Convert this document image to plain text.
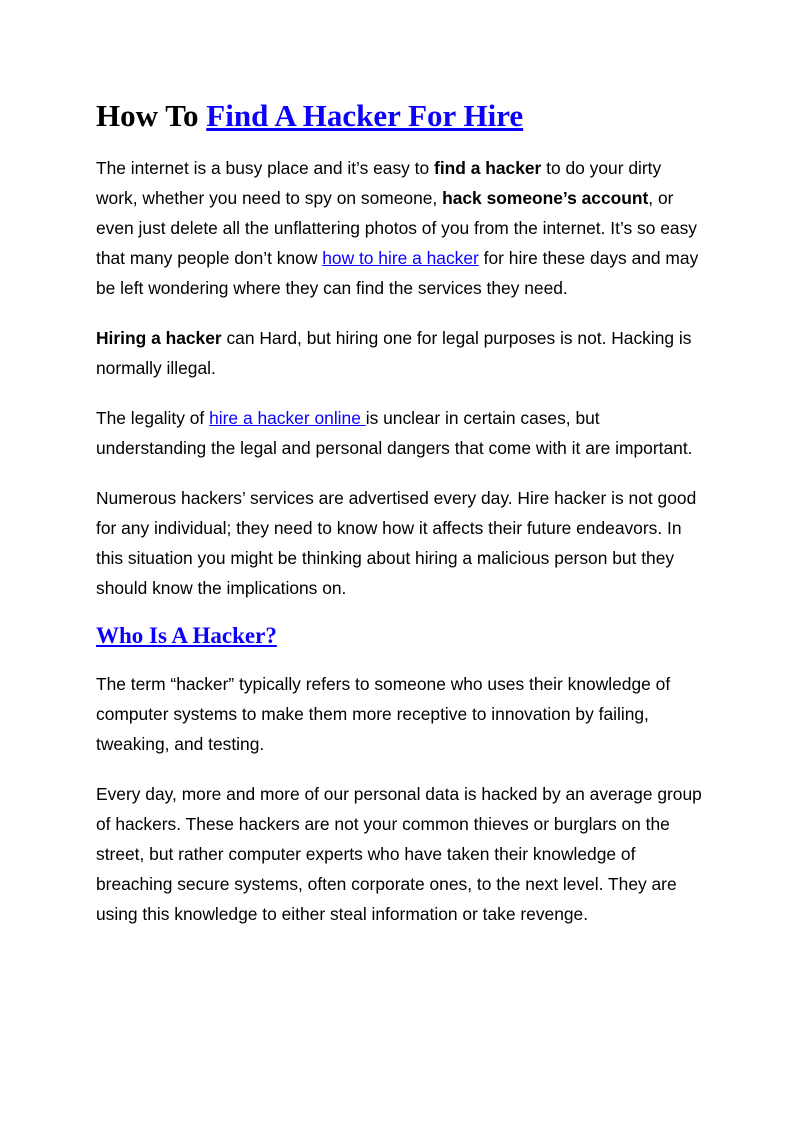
How To Find A Hacker For Hire

The internet is a busy place and it’s easy to find a hacker to do your dirty work, whether you need to spy on someone, hack someone’s account, or even just delete all the unflattering photos of you from the internet. It’s so easy that many people don’t know how to hire a hacker for hire these days and may be left wondering where they can find the services they need.

Hiring a hacker can Hard, but hiring one for legal purposes is not. Hacking is normally illegal.

The legality of hire a hacker online is unclear in certain cases, but understanding the legal and personal dangers that come with it are important.

Numerous hackers’ services are advertised every day. Hire hacker is not good for any individual; they need to know how it affects their future endeavors. In this situation you might be thinking about hiring a malicious person but they should know the implications on.

Who Is A Hacker?

The term “hacker” typically refers to someone who uses their knowledge of computer systems to make them more receptive to innovation by failing, tweaking, and testing.

Every day, more and more of our personal data is hacked by an average group of hackers. These hackers are not your common thieves or burglars on the street, but rather computer experts who have taken their knowledge of breaching secure systems, often corporate ones, to the next level. They are using this knowledge to either steal information or take revenge.
